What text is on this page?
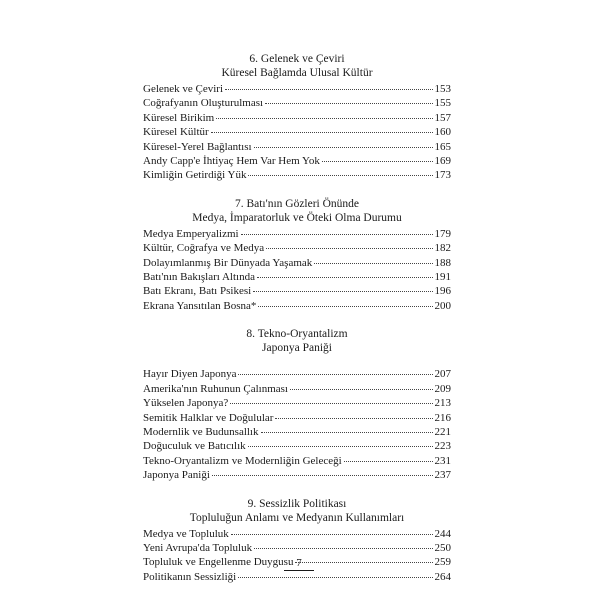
6. Gelenek ve Çeviri
Küresel Bağlamda Ulusal Kültür
Gelenek ve Çeviri	153
Coğrafyanın Oluşturulması	155
Küresel Birikim	157
Küresel Kültür	160
Küresel-Yerel Bağlantısı	165
Andy Capp'e İhtiyaç Hem Var Hem Yok	169
Kimliğin Getirdiği Yük	173
7. Batı'nın Gözleri Önünde
Medya, İmparatorluk ve Öteki Olma Durumu
Medya Emperyalizmi	179
Kültür, Coğrafya ve Medya	182
Dolayımlanmış Bir Dünyada Yaşamak	188
Batı'nın Bakışları Altında	191
Batı Ekranı, Batı Psikesi	196
Ekrana Yansıtılan Bosna*	200
8. Tekno-Oryantalizm
Japonya Paniği
Hayır Diyen Japonya	207
Amerika'nın Ruhunun Çalınması	209
Yükselen Japonya?	213
Semitik Halklar ve Doğulular	216
Modernlik ve Budunsallık	221
Doğuculuk ve Batıcılık	223
Tekno-Oryantalizm ve Modernliğin Geleceği	231
Japonya Paniği	237
9. Sessizlik Politikası
Topluluğun Anlamı ve Medyanın Kullanımları
Medya ve Topluluk	244
Yeni Avrupa'da Topluluk	250
Topluluk ve Engellenme Duygusu	259
Politikanın Sessizliği	264
7
